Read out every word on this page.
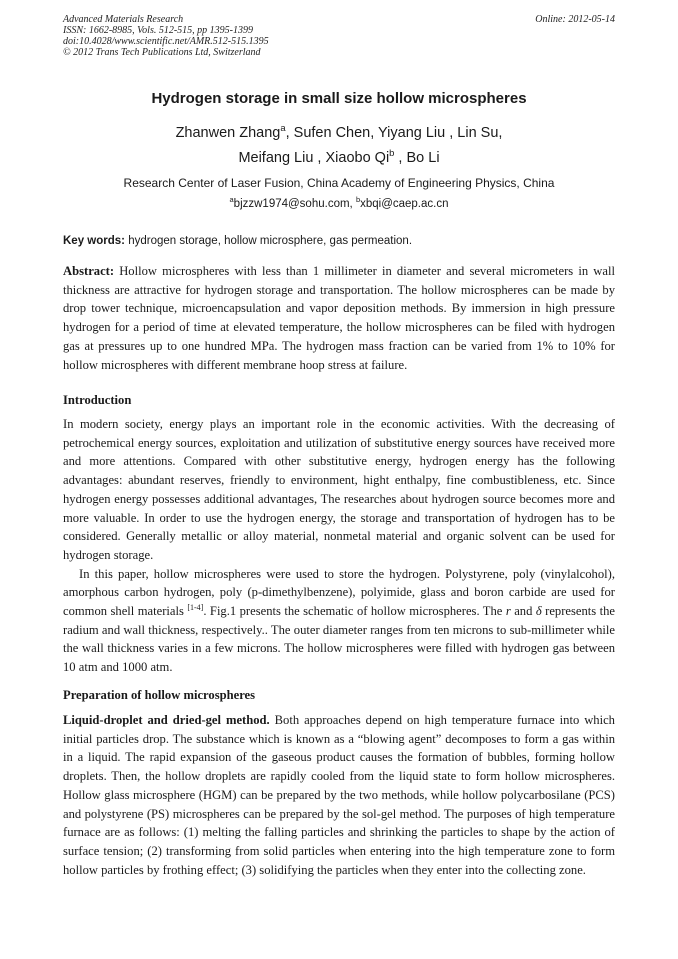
Advanced Materials Research
ISSN: 1662-8985, Vols. 512-515, pp 1395-1399
doi:10.4028/www.scientific.net/AMR.512-515.1395
© 2012 Trans Tech Publications Ltd, Switzerland
Online: 2012-05-14
Hydrogen storage in small size hollow microspheres
Zhanwen Zhang$^a$, Sufen Chen, Yiyang Liu , Lin Su,
Meifang Liu , Xiaobo Qi$^b$ , Bo Li
Research Center of Laser Fusion, China Academy of Engineering Physics, China
$^a$bjzzw1974@sohu.com, $^b$xbqi@caep.ac.cn
Key words: hydrogen storage, hollow microsphere, gas permeation.
Abstract: Hollow microspheres with less than 1 millimeter in diameter and several micrometers in wall thickness are attractive for hydrogen storage and transportation. The hollow microspheres can be made by drop tower technique, microencapsulation and vapor deposition methods. By immersion in high pressure hydrogen for a period of time at elevated temperature, the hollow microspheres can be filed with hydrogen gas at pressures up to one hundred MPa. The hydrogen mass fraction can be varied from 1% to 10% for hollow microspheres with different membrane hoop stress at failure.
Introduction
In modern society, energy plays an important role in the economic activities. With the decreasing of petrochemical energy sources, exploitation and utilization of substitutive energy sources have received more and more attentions. Compared with other substitutive energy, hydrogen energy has the following advantages: abundant reserves, friendly to environment, hight enthalpy, fine combustibleness, etc. Since hydrogen energy possesses additional advantages, The researches about hydrogen source becomes more and more valuable. In order to use the hydrogen energy, the storage and transportation of hydrogen has to be considered. Generally metallic or alloy material, nonmetal material and organic solvent can be used for hydrogen storage.
In this paper, hollow microspheres were used to store the hydrogen. Polystyrene, poly (vinylalcohol), amorphous carbon hydrogen, poly (p-dimethylbenzene), polyimide, glass and boron carbide are used for common shell materials [1-4]. Fig.1 presents the schematic of hollow microspheres. The r and δ represents the radium and wall thickness, respectively.. The outer diameter ranges from ten microns to sub-millimeter while the wall thickness varies in a few microns. The hollow microspheres were filled with hydrogen gas between 10 atm and 1000 atm.
Preparation of hollow microspheres
Liquid-droplet and dried-gel method. Both approaches depend on high temperature furnace into which initial particles drop. The substance which is known as a “blowing agent” decomposes to form a gas within in a liquid. The rapid expansion of the gaseous product causes the formation of bubbles, forming hollow droplets. Then, the hollow droplets are rapidly cooled from the liquid state to form hollow microspheres. Hollow glass microsphere (HGM) can be prepared by the two methods, while hollow polycarbosilane (PCS) and polystyrene (PS) microspheres can be prepared by the sol-gel method. The purposes of high temperature furnace are as follows: (1) melting the falling particles and shrinking the particles to shape by the action of surface tension; (2) transforming from solid particles when entering into the high temperature zone to form hollow particles by frothing effect; (3) solidifying the particles when they enter into the collecting zone.
